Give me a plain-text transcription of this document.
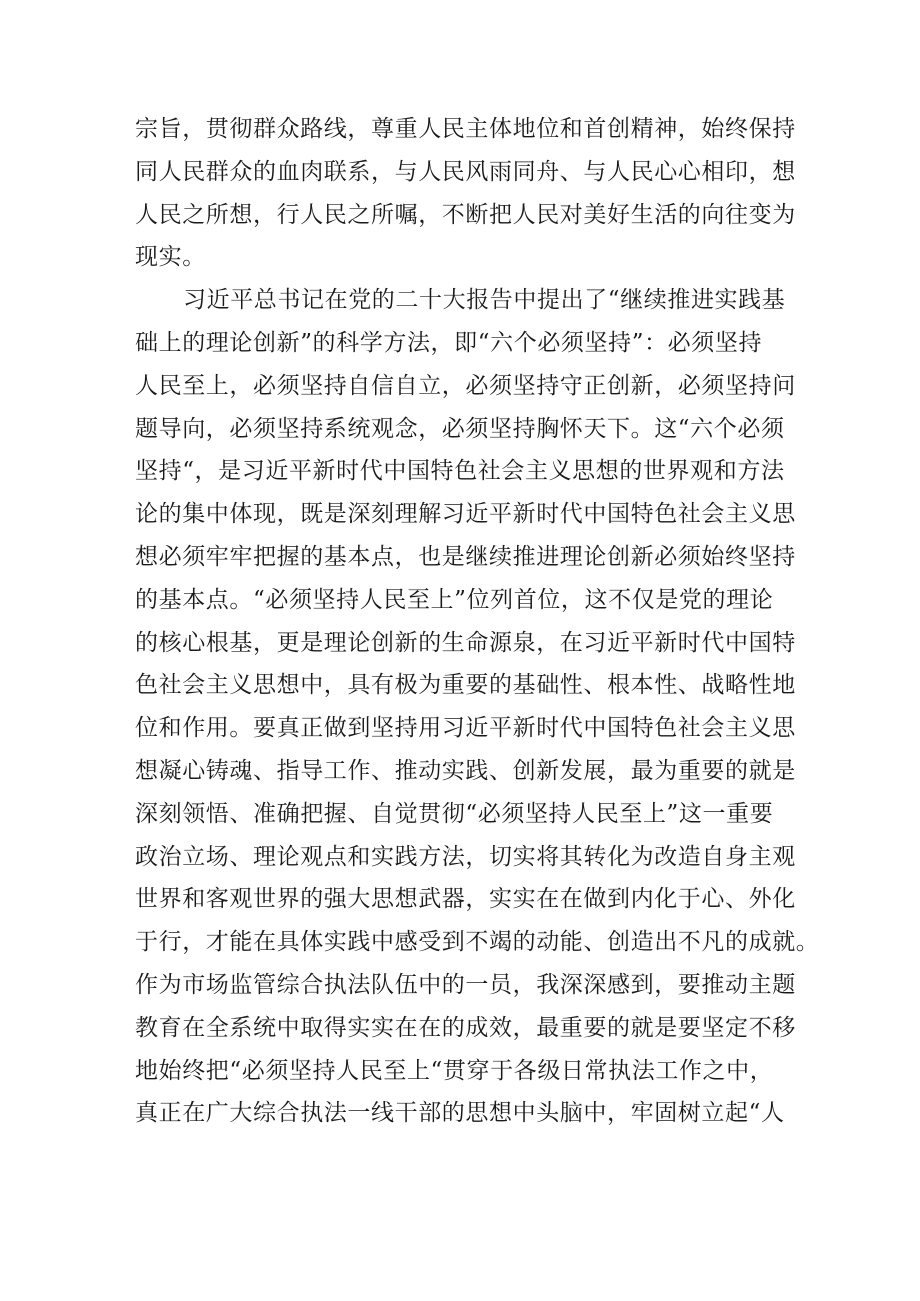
宗旨，贯彻群众路线，尊重人民主体地位和首创精神，始终保持
同人民群众的血肉联系，与人民风雨同舟、与人民心心相印，想
人民之所想，行人民之所嘱，不断把人民对美好生活的向往变为
现实。
习近平总书记在党的二十大报告中提出了“继续推进实践基
础上的理论创新”的科学方法，即“六个必须坚持”：必须坚持
人民至上，必须坚持自信自立，必须坚持守正创新，必须坚持问
题导向，必须坚持系统观念，必须坚持胸怀天下。这“六个必须
坚持“，是习近平新时代中国特色社会主义思想的世界观和方法
论的集中体现，既是深刻理解习近平新时代中国特色社会主义思
想必须牢牢把握的基本点，也是继续推进理论创新必须始终坚持
的基本点。“必须坚持人民至上”位列首位，这不仅是党的理论
的核心根基，更是理论创新的生命源泉，在习近平新时代中国特
色社会主义思想中，具有极为重要的基础性、根本性、战略性地
位和作用。要真正做到坚持用习近平新时代中国特色社会主义思
想凝心铸魂、指导工作、推动实践、创新发展，最为重要的就是
深刻领悟、准确把握、自觉贯彻“必须坚持人民至上”这一重要
政治立场、理论观点和实践方法，切实将其转化为改造自身主观
世界和客观世界的强大思想武器，实实在在做到内化于心、外化
于行，才能在具体实践中感受到不竭的动能、创造出不凡的成就。
作为市场监管综合执法队伍中的一员，我深深感到，要推动主题
教育在全系统中取得实实在在的成效，最重要的就是要坚定不移
地始终把“必须坚持人民至上“贯穿于各级日常执法工作之中，
真正在广大综合执法一线干部的思想中头脑中，牢固树立起“人
